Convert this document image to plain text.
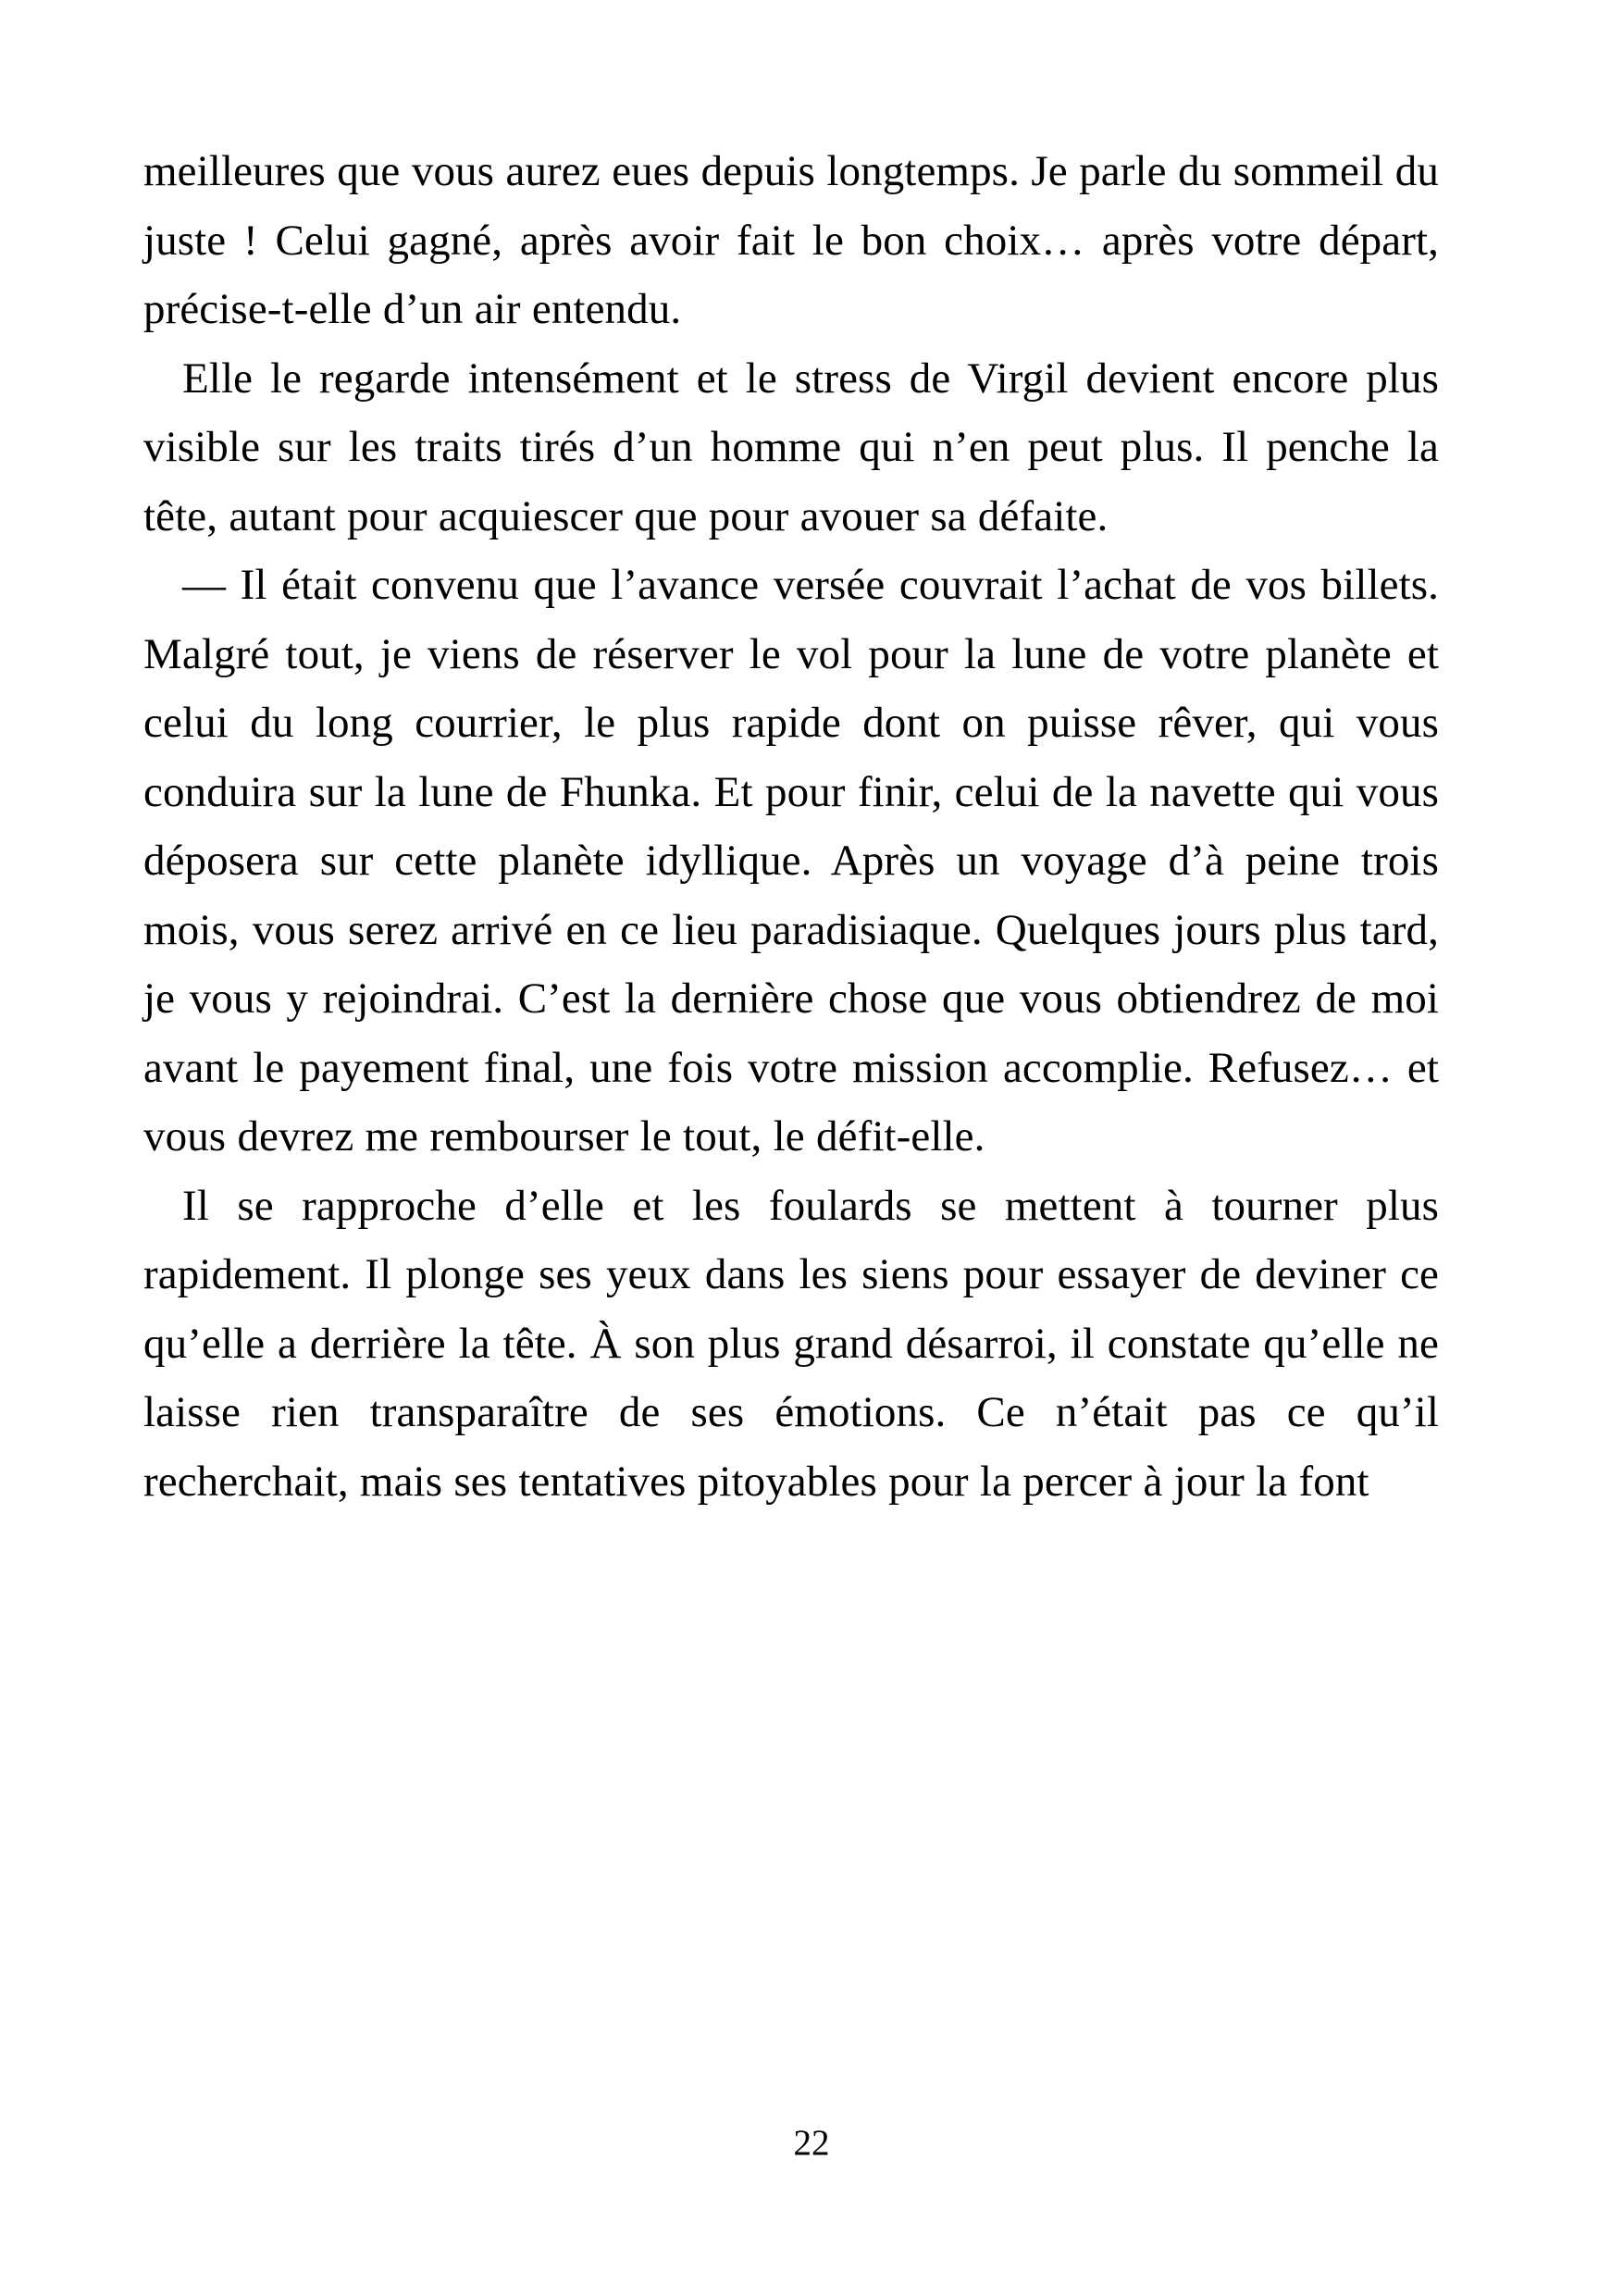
meilleures que vous aurez eues depuis longtemps. Je parle du sommeil du juste ! Celui gagné, après avoir fait le bon choix… après votre départ, précise-t-elle d’un air entendu.

Elle le regarde intensément et le stress de Virgil devient encore plus visible sur les traits tirés d’un homme qui n’en peut plus. Il penche la tête, autant pour acquiescer que pour avouer sa défaite.

— Il était convenu que l’avance versée couvrait l’achat de vos billets. Malgré tout, je viens de réserver le vol pour la lune de votre planète et celui du long courrier, le plus rapide dont on puisse rêver, qui vous conduira sur la lune de Fhunka. Et pour finir, celui de la navette qui vous déposera sur cette planète idyllique. Après un voyage d’à peine trois mois, vous serez arrivé en ce lieu paradisiaque. Quelques jours plus tard, je vous y rejoindrai. C’est la dernière chose que vous obtiendrez de moi avant le payement final, une fois votre mission accomplie. Refusez… et vous devrez me rembourser le tout, le défit-elle.

Il se rapproche d’elle et les foulards se mettent à tourner plus rapidement. Il plonge ses yeux dans les siens pour essayer de deviner ce qu’elle a derrière la tête. À son plus grand désarroi, il constate qu’elle ne laisse rien transparaître de ses émotions. Ce n’était pas ce qu’il recherchait, mais ses tentatives pitoyables pour la percer à jour la font

22
